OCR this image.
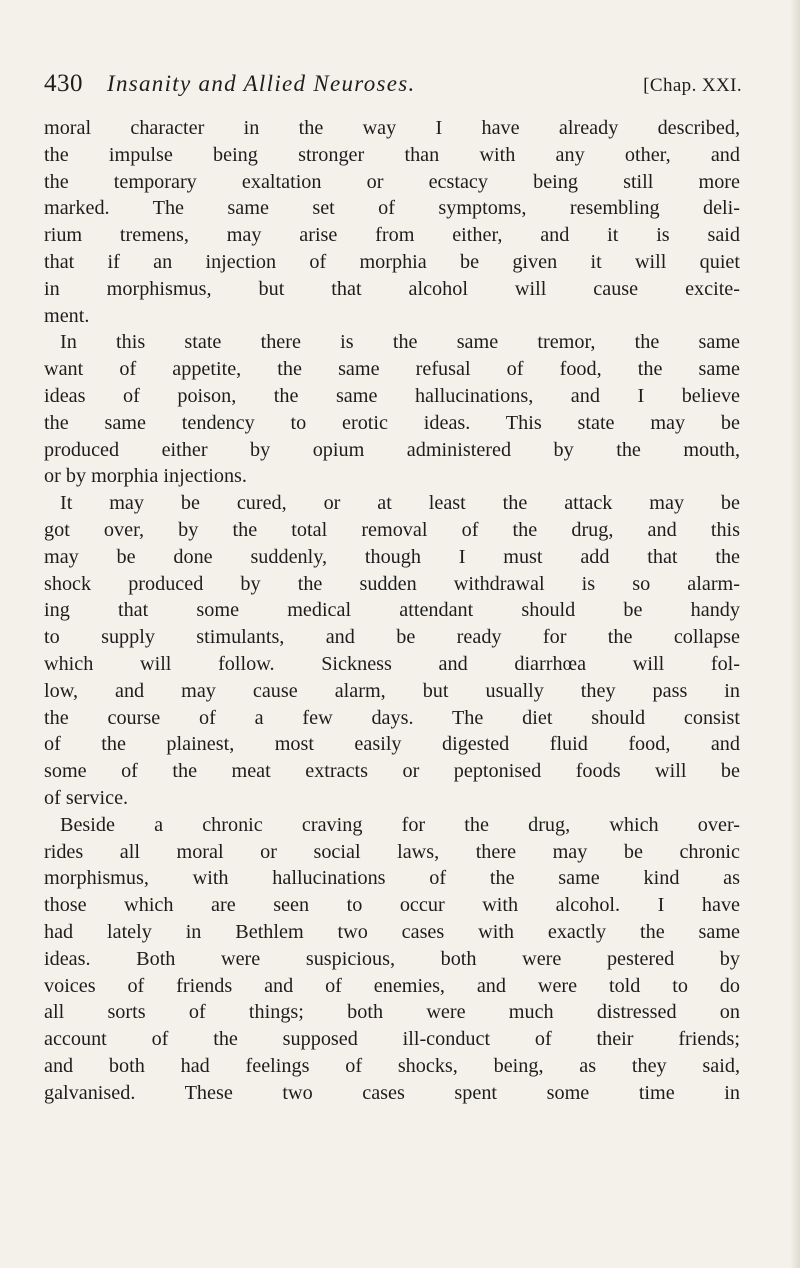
430 Insanity and Allied Neuroses.	[Chap. XXI.
moral character in the way I have already described,
the impulse being stronger than with any other, and
the temporary exaltation or ecstacy being still more
marked. The same set of symptoms, resembling deli-
rium tremens, may arise from either, and it is said
that if an injection of morphia be given it will quiet
in morphismus, but that alcohol will cause excite-
ment.
In this state there is the same tremor, the same
want of appetite, the same refusal of food, the same
ideas of poison, the same hallucinations, and I believe
the same tendency to erotic ideas. This state may be
produced either by opium administered by the mouth,
or by morphia injections.
It may be cured, or at least the attack may be
got over, by the total removal of the drug, and this
may be done suddenly, though I must add that the
shock produced by the sudden withdrawal is so alarm-
ing that some medical attendant should be handy
to supply stimulants, and be ready for the collapse
which will follow. Sickness and diarrhœa will fol-
low, and may cause alarm, but usually they pass in
the course of a few days. The diet should consist
of the plainest, most easily digested fluid food, and
some of the meat extracts or peptonised foods will be
of service.
Beside a chronic craving for the drug, which over-
rides all moral or social laws, there may be chronic
morphismus, with hallucinations of the same kind as
those which are seen to occur with alcohol. I have
had lately in Bethlem two cases with exactly the same
ideas. Both were suspicious, both were pestered by
voices of friends and of enemies, and were told to do
all sorts of things; both were much distressed on
account of the supposed ill-conduct of their friends;
and both had feelings of shocks, being, as they said,
galvanised. These two cases spent some time in
